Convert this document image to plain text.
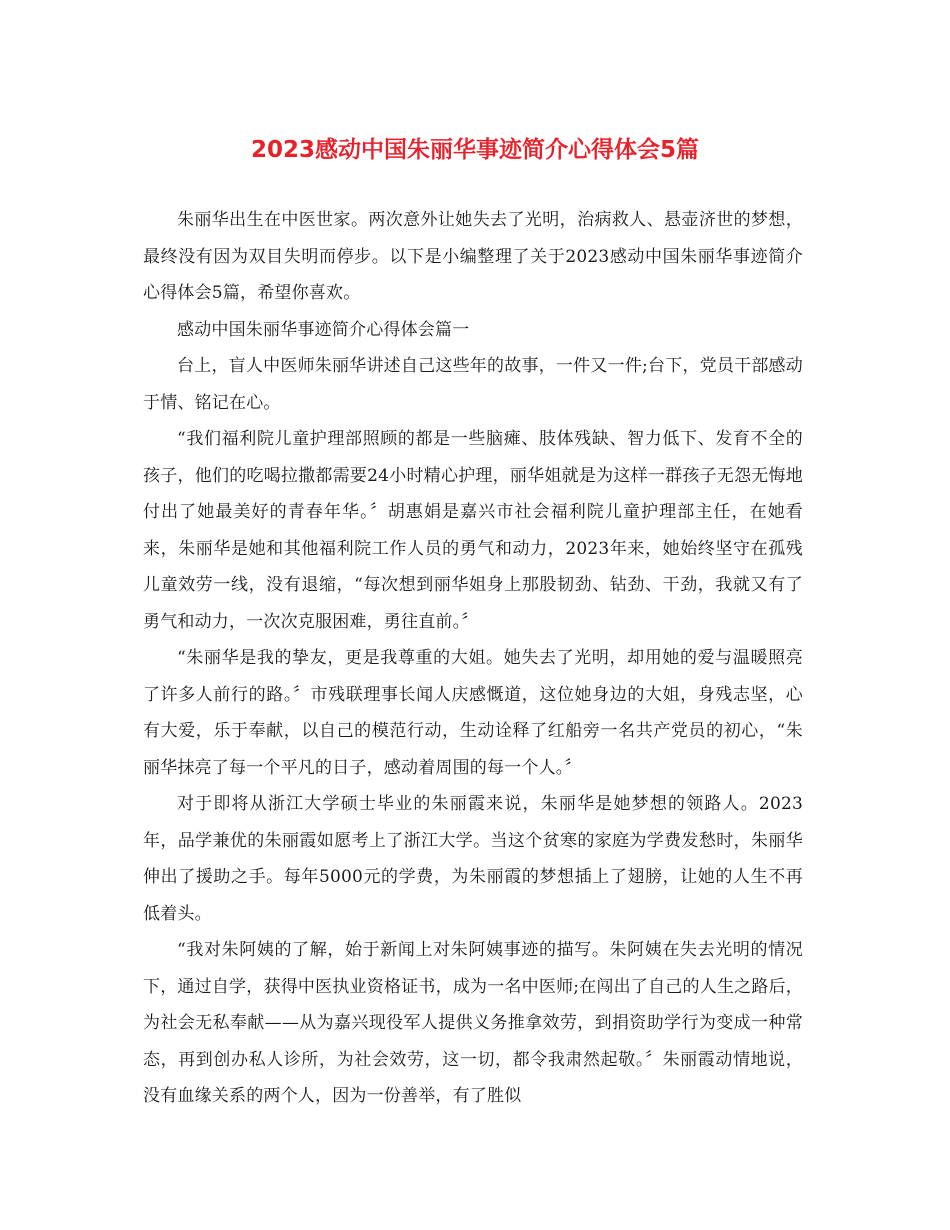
2023感动中国朱丽华事迹简介心得体会5篇

朱丽华出生在中医世家。两次意外让她失去了光明，治病救人、悬壶济世的梦想，最终没有因为双目失明而停步。以下是小编整理了关于2023感动中国朱丽华事迹简介心得体会5篇，希望你喜欢。

感动中国朱丽华事迹简介心得体会篇一

台上，盲人中医师朱丽华讲述自己这些年的故事，一件又一件;台下，党员干部感动于情、铭记在心。

“我们福利院儿童护理部照顾的都是一些脑瘫、肢体残缺、智力低下、发育不全的孩子，他们的吃喝拉撒都需要24小时精心护理，丽华姐就是为这样一群孩子无怨无悔地付出了她最美好的青春年华。〞胡惠娟是嘉兴市社会福利院儿童护理部主任，在她看来，朱丽华是她和其他福利院工作人员的勇气和动力，2023年来，她始终坚守在孤残儿童效劳一线，没有退缩，“每次想到丽华姐身上那股韧劲、钻劲、干劲，我就又有了勇气和动力，一次次克服困难，勇往直前。〞

“朱丽华是我的挚友，更是我尊重的大姐。她失去了光明，却用她的爱与温暖照亮了许多人前行的路。〞市残联理事长闻人庆感慨道，这位她身边的大姐，身残志坚，心有大爱，乐于奉献，以自己的模范行动，生动诠释了红船旁一名共产党员的初心，“朱丽华抹亮了每一个平凡的日子，感动着周围的每一个人。〞

对于即将从浙江大学硕士毕业的朱丽霞来说，朱丽华是她梦想的领路人。2023年，品学兼优的朱丽霞如愿考上了浙江大学。当这个贫寒的家庭为学费发愁时，朱丽华伸出了援助之手。每年5000元的学费，为朱丽霞的梦想插上了翅膀，让她的人生不再低着头。

“我对朱阿姨的了解，始于新闻上对朱阿姨事迹的描写。朱阿姨在失去光明的情况下，通过自学，获得中医执业资格证书，成为一名中医师;在闯出了自己的人生之路后，为社会无私奉献——从为嘉兴现役军人提供义务推拿效劳，到捐资助学行为变成一种常态，再到创办私人诊所，为社会效劳，这一切，都令我肃然起敬。〞朱丽霞动情地说，没有血缘关系的两个人，因为一份善举，有了胜似
